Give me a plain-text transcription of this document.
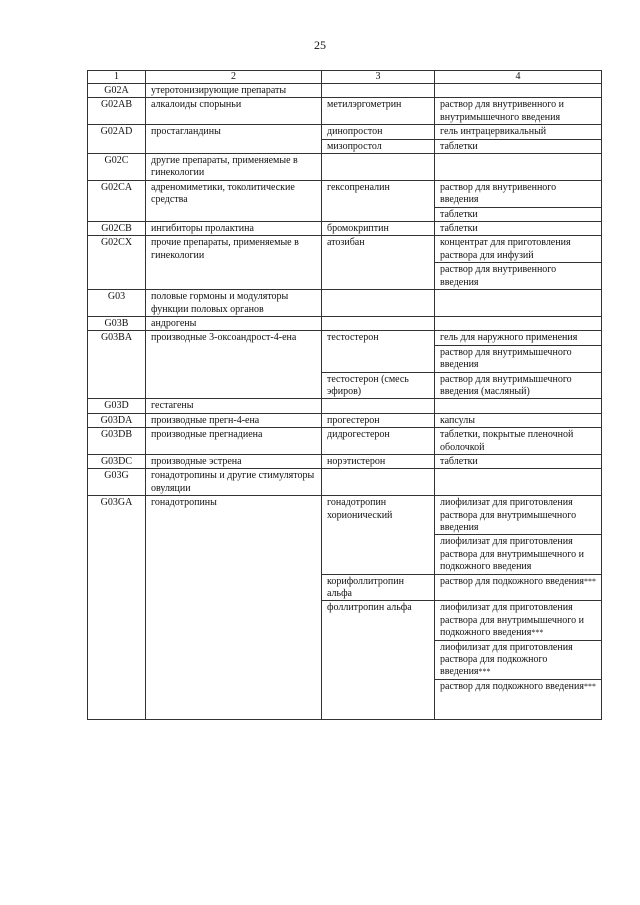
25
1	2	3	4
G02A	утеротонизирующие препараты		
G02AB	алкалоиды спорыньи	метилэргометрин	раствор для внутривенного и внутримышечного введения
G02AD	простагландины	динопростон	гель интрацервикальный
		мизопростол	таблетки
G02C	другие препараты, применяемые в гинекологии		
G02CA	адреномиметики, токолитические средства	гексопреналин	раствор для внутривенного введения
			таблетки
G02CB	ингибиторы пролактина	бромокриптин	таблетки
G02CX	прочие препараты, применяемые в гинекологии	атозибан	концентрат для приготовления раствора для инфузий
			раствор для внутривенного введения
G03	половые гормоны и модуляторы функции половых органов		
G03B	андрогены		
G03BA	производные 3-оксоандрост-4-ена	тестостерон	гель для наружного применения
			раствор для внутримышечного введения
		тестостерон (смесь эфиров)	раствор для внутримышечного введения (масляный)
G03D	гестагены		
G03DA	производные прегн-4-ена	прогестерон	капсулы
G03DB	производные прегнадиена	дидрогестерон	таблетки, покрытые пленочной оболочкой
G03DC	производные эстрена	норэтистерон	таблетки
G03G	гонадотропины и другие стимуляторы овуляции		
G03GA	гонадотропины	гонадотропин хорионический	лиофилизат для приготовления раствора для внутримышечного введения
			лиофилизат для приготовления раствора для внутримышечного и подкожного введения
		корифоллитропин альфа	раствор для подкожного введения***
		фоллитропин альфа	лиофилизат для приготовления раствора для внутримышечного и подкожного введения***
			лиофилизат для приготовления раствора для подкожного введения***
			раствор для подкожного введения***
